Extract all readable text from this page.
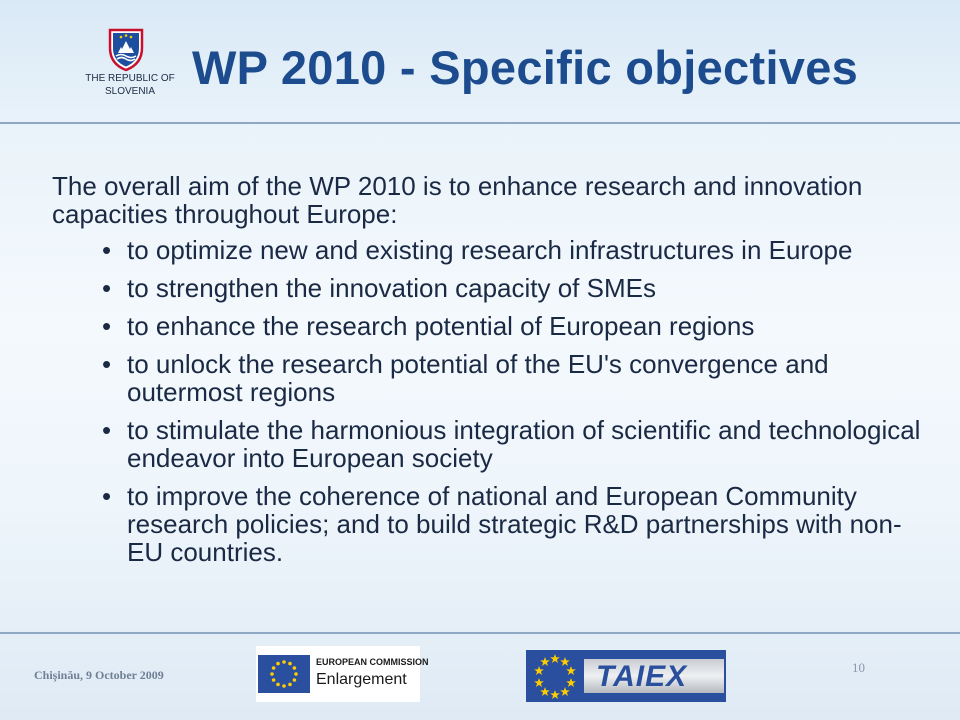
THE REPUBLIC OF
SLOVENIA WP 2010 - Specific objectives

The overall aim of the WP 2010 is to enhance research and innovation capacities throughout Europe:

• to optimize new and existing research infrastructures in Europe
• to strengthen the innovation capacity of SMEs
• to enhance the research potential of European regions
• to unlock the research potential of the EU's convergence and outermost regions
• to stimulate the harmonious integration of scientific and technological endeavor into European society
• to improve the coherence of national and European Community research policies; and to build strategic R&D partnerships with non-EU countries.
Chişinău, 9 October 2009
EUROPEAN COMMISSION
Enlargement	TAIEX	10
